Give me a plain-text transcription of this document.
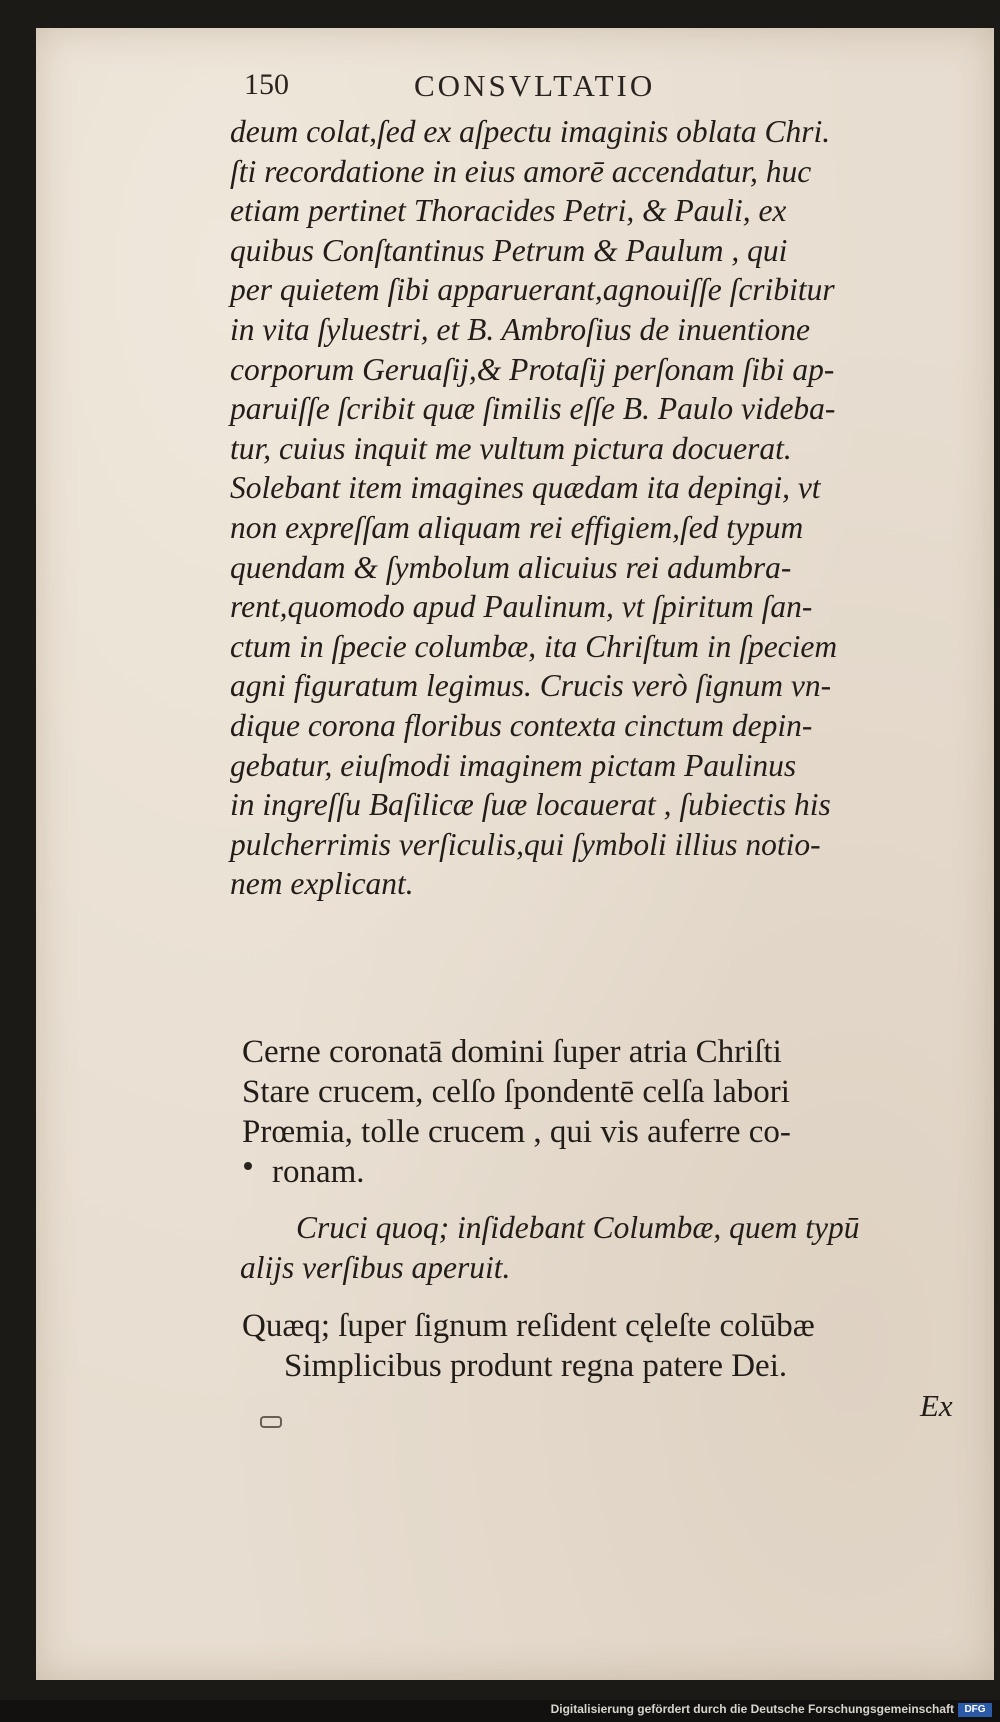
150	CONSVLTATIO
deum colat,ſed ex aſpectu imaginis oblata Chri.
ſti recordatione in eius amorē accendatur, huc
etiam pertinet Thoracides Petri, & Pauli, ex
quibus Conſtantinus Petrum & Paulum , qui
per quietem ſibi apparuerant,agnouiſſe ſcribitur
in vita ſyluestri, et B. Ambroſius de inuentione
corporum Geruaſij,& Protaſij perſonam ſibi ap-
paruiſſe ſcribit quæ ſimilis eſſe B. Paulo videba-
tur, cuius inquit me vultum pictura docuerat.
Solebant item imagines quædam ita depingi, vt
non expreſſam aliquam rei effigiem,ſed typum
quendam & ſymbolum alicuius rei adumbra-
rent,quomodo apud Paulinum, vt ſpiritum ſan-
ctum in ſpecie columbæ, ita Chriſtum in ſpeciem
agni figuratum legimus. Crucis verò ſignum vn-
dique corona floribus contexta cinctum depin-
gebatur, eiuſmodi imaginem pictam Paulinus
in ingreſſu Baſilicæ ſuæ locauerat , ſubiectis his
pulcherrimis verſiculis,qui ſymboli illius notio-
nem explicant.
Cerne coronatā domini ſuper atria Chriſti
Stare crucem, celſo ſpondentē celſa labori
Prœmia, tolle crucem , qui vis auferre co-
ronam.
Cruci quoq; inſidebant Columbæ, quem typū
alijs verſibus aperuit.
Quæq; ſuper ſignum reſident cęleſte colūbæ
Simplicibus produnt regna patere Dei.
Ex
Digitalisierung gefördert durch die Deutsche Forschungsgemeinschaft	DFG
